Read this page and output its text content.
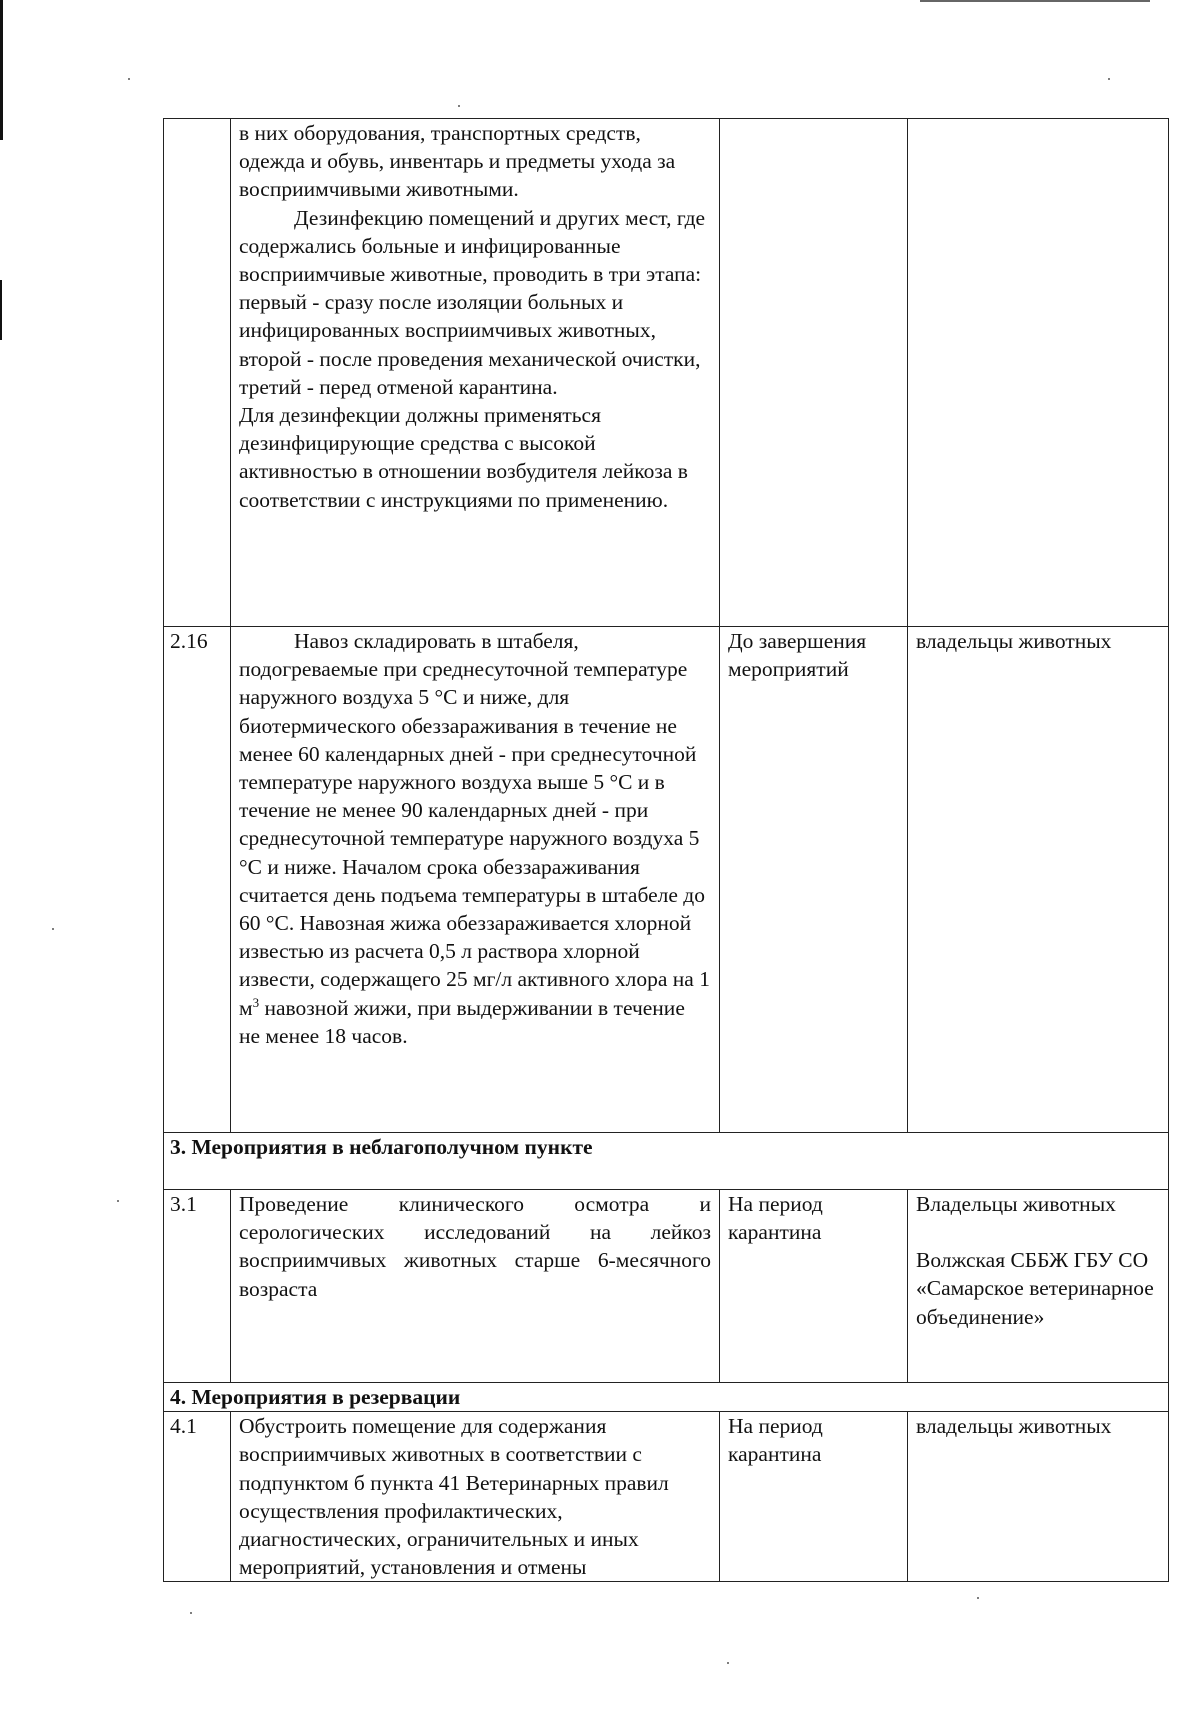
	в них оборудования, транспортных средств, одежда и обувь, инвентарь и предметы ухода за восприимчивыми животными.

Дезинфекцию помещений и других мест, где содержались больные и инфицированные восприимчивые животные, проводить в три этапа: первый - сразу после изоляции больных и инфицированных восприимчивых животных, второй - после проведения механической очистки, третий - перед отменой карантина.

Для дезинфекции должны применяться дезинфицирующие средства с высокой активностью в отношении возбудителя лейкоза в соответствии с инструкциями по применению.		

2.16	Навоз складировать в штабеля, подогреваемые при среднесуточной температуре наружного воздуха 5 °С и ниже, для биотермического обеззараживания в течение не менее 60 календарных дней - при среднесуточной температуре наружного воздуха выше 5 °С и в течение не менее 90 календарных дней - при среднесуточной температуре наружного воздуха 5 °С и ниже. Началом срока обеззараживания считается день подъема температуры в штабеле до 60 °С. Навозная жижа обеззараживается хлорной известью из расчета 0,5 л раствора хлорной извести, содержащего 25 мг/л активного хлора на 1 $м^3$ навозной жижи, при выдерживании в течение не менее 18 часов.	До завершения мероприятий	владельцы животных
3. Мероприятия в неблагополучном пункте			
3.1	Проведение клинического осмотра и серологических исследований на лейкоз восприимчивых животных старше 6-месячного возраста	На период карантина	Владельцы животных

Волжская СББЖ ГБУ СО «Самарское ветеринарное объединение»

4. Мероприятия в резервации			
4.1	Обустроить помещение для содержания восприимчивых животных в соответствии с подпунктом б пункта 41 Ветеринарных правил осуществления профилактических, диагностических, ограничительных и иных мероприятий, установления и отмены	На период карантина	владельцы животных
